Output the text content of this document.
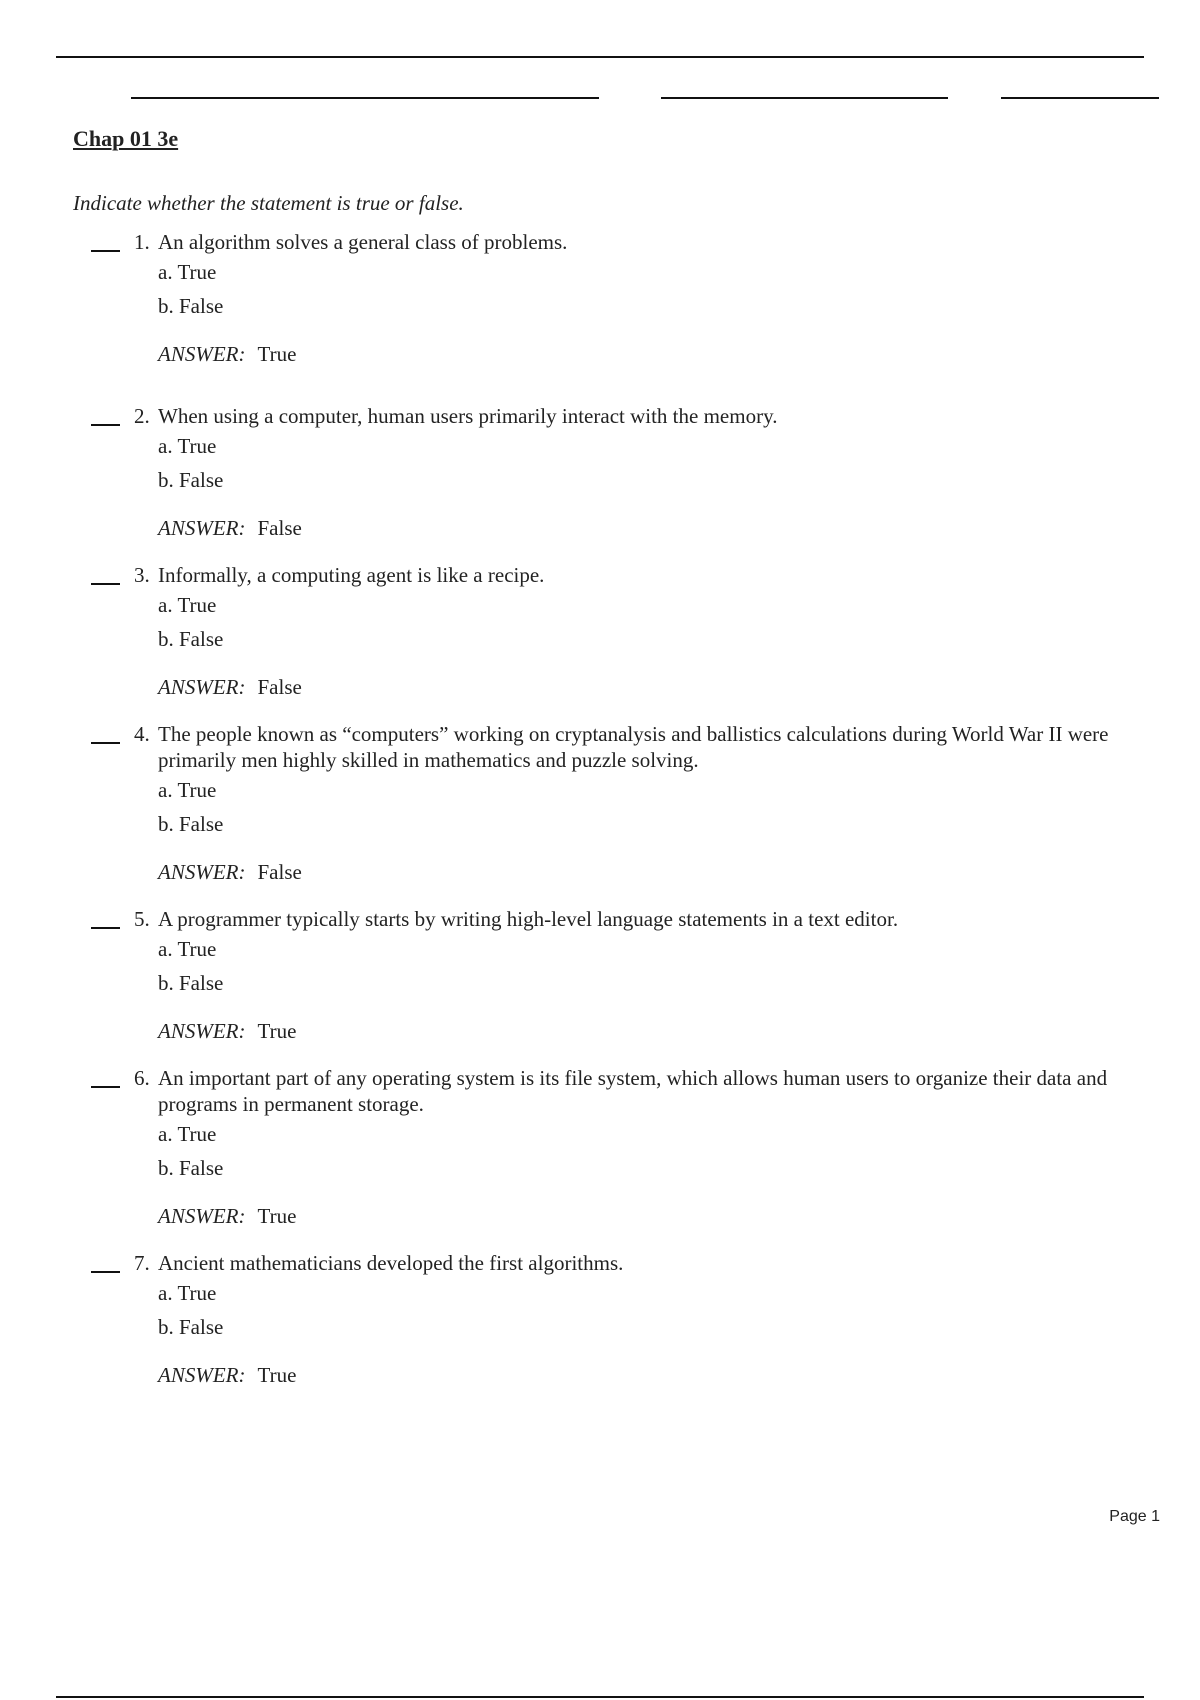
Chap 01 3e

Indicate whether the statement is true or false.

1. An algorithm solves a general class of problems.

a. True
b. False
ANSWER: True
2. When using a computer, human users primarily interact with the memory.

a. True
b. False
ANSWER: False
3. Informally, a computing agent is like a recipe.

a. True
b. False
ANSWER: False
4. The people known as “computers” working on cryptanalysis and ballistics calculations during World War II were primarily men highly skilled in mathematics and puzzle solving.

a. True
b. False
ANSWER: False
5. A programmer typically starts by writing high-level language statements in a text editor.

a. True
b. False
ANSWER: True
6. An important part of any operating system is its file system, which allows human users to organize their data and programs in permanent storage.

a. True
b. False
ANSWER: True
7. Ancient mathematicians developed the first algorithms.

a. True
b. False
ANSWER: True
Page 1
